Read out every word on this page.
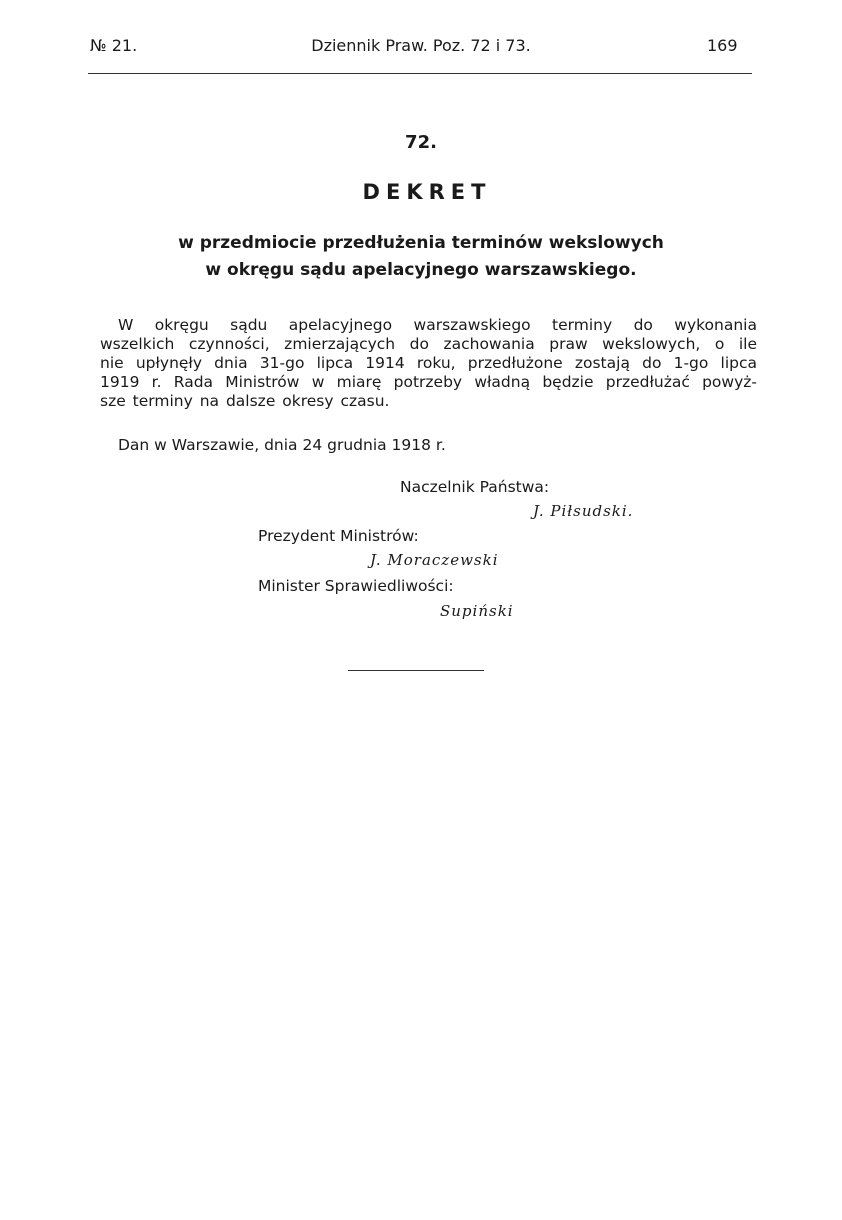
№ 21.	Dziennik Praw. Poz. 72 i 73.	169
72.
DEKRET
w przedmiocie przedłużenia terminów wekslowych
w okręgu sądu apelacyjnego warszawskiego.
W okręgu sądu apelacyjnego warszawskiego terminy do wykonania
wszelkich czynności, zmierzających do zachowania praw wekslowych, o ile
nie upłynęły dnia 31-go lipca 1914 roku, przedłużone zostają do 1-go lipca
1919 r. Rada Ministrów w miarę potrzeby władną będzie przedłużać powyż-
sze terminy na dalsze okresy czasu.
Dan w Warszawie, dnia 24 grudnia 1918 r.
Naczelnik Państwa:
J. Piłsudski.
Prezydent Ministrów:
J. Moraczewski
Minister Sprawiedliwości:
Supiński
